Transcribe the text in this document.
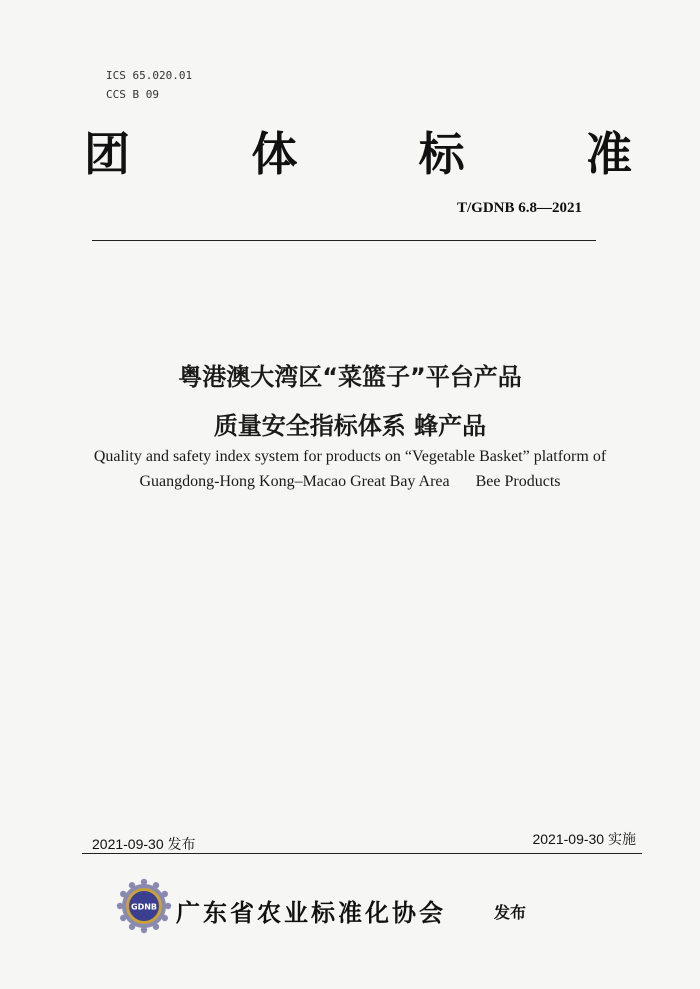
ICS 65.020.01
CCS B 09
团	体	标	准
T/GDNB 6.8—2021
粤港澳大湾区“菜篮子”平台产品
质量安全指标体系 蜂产品
Quality and safety index system for products on “Vegetable Basket” platform of
Guangdong-Hong Kong–Macao Great Bay Area Bee Products
2021-09-30 发布	2021-09-30 实施
GDNB 广东省农业标准化协会	发布
